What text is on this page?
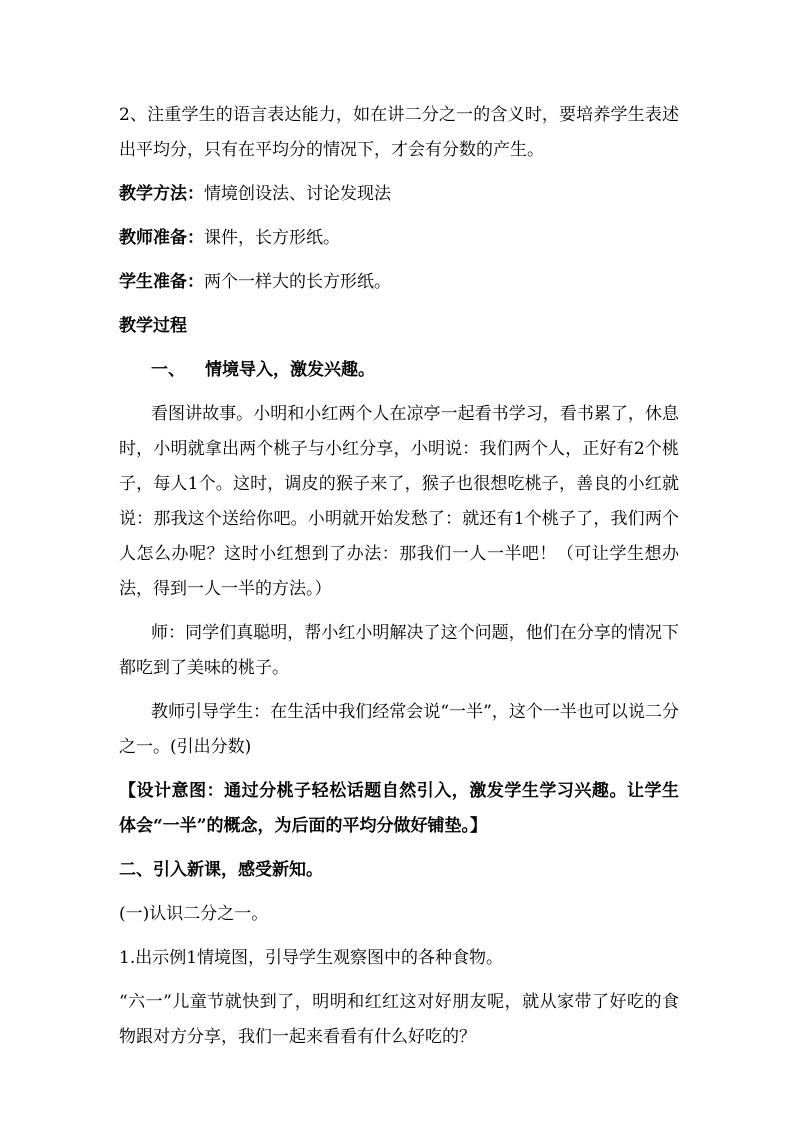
2、注重学生的语言表达能力，如在讲二分之一的含义时，要培养学生表述出平均分，只有在平均分的情况下，才会有分数的产生。

教学方法：情境创设法、讨论发现法

教师准备：课件，长方形纸。

学生准备：两个一样大的长方形纸。

教学过程

一、 情境导入，激发兴趣。

看图讲故事。小明和小红两个人在凉亭一起看书学习，看书累了，休息时，小明就拿出两个桃子与小红分享，小明说：我们两个人，正好有2个桃子，每人1个。这时，调皮的猴子来了，猴子也很想吃桃子，善良的小红就说：那我这个送给你吧。小明就开始发愁了：就还有1个桃子了，我们两个人怎么办呢？这时小红想到了办法：那我们一人一半吧！（可让学生想办法，得到一人一半的方法。）

师：同学们真聪明，帮小红小明解决了这个问题，他们在分享的情况下都吃到了美味的桃子。

教师引导学生：在生活中我们经常会说“一半”，这个一半也可以说二分之一。(引出分数)

【设计意图：通过分桃子轻松话题自然引入，激发学生学习兴趣。让学生体会“一半”的概念，为后面的平均分做好铺垫。】

二、引入新课，感受新知。

(一)认识二分之一。

1.出示例1情境图，引导学生观察图中的各种食物。

“六一”儿童节就快到了，明明和红红这对好朋友呢，就从家带了好吃的食物跟对方分享，我们一起来看看有什么好吃的？
